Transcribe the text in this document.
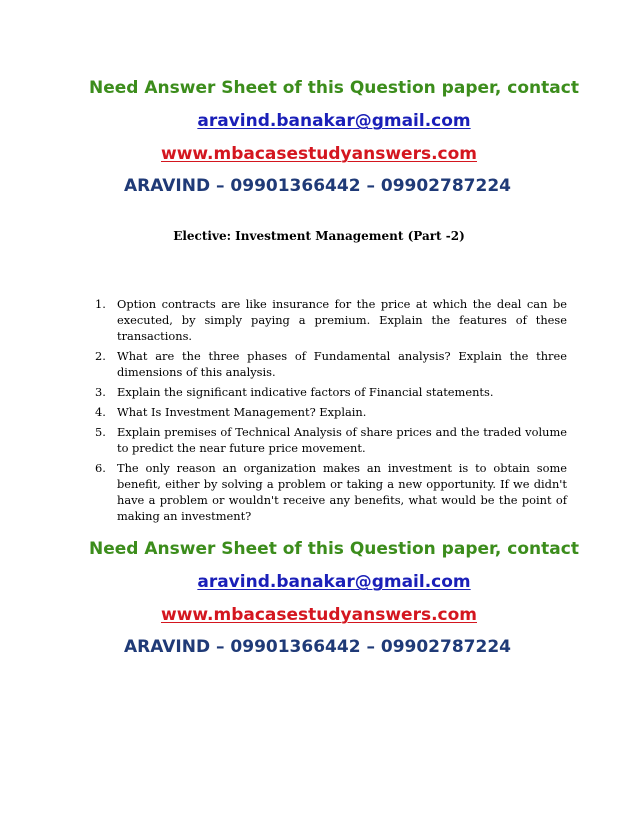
Need Answer Sheet of this Question paper, contact
aravind.banakar@gmail.com
www.mbacasestudyanswers.com
ARAVIND – 09901366442 – 09902787224
Elective: Investment Management (Part -2)
1. Option contracts are like insurance for the price at which the deal can be executed, by simply paying a premium. Explain the features of these transactions.
2. What are the three phases of Fundamental analysis? Explain the three dimensions of this analysis.
3. Explain the significant indicative factors of Financial statements.
4. What Is Investment Management? Explain.
5. Explain premises of Technical Analysis of share prices and the traded volume to predict the near future price movement.
6. The only reason an organization makes an investment is to obtain some benefit, either by solving a problem or taking a new opportunity. If we didn't have a problem or wouldn't receive any benefits, what would be the point of making an investment?
Need Answer Sheet of this Question paper, contact
aravind.banakar@gmail.com
www.mbacasestudyanswers.com
ARAVIND – 09901366442 – 09902787224
